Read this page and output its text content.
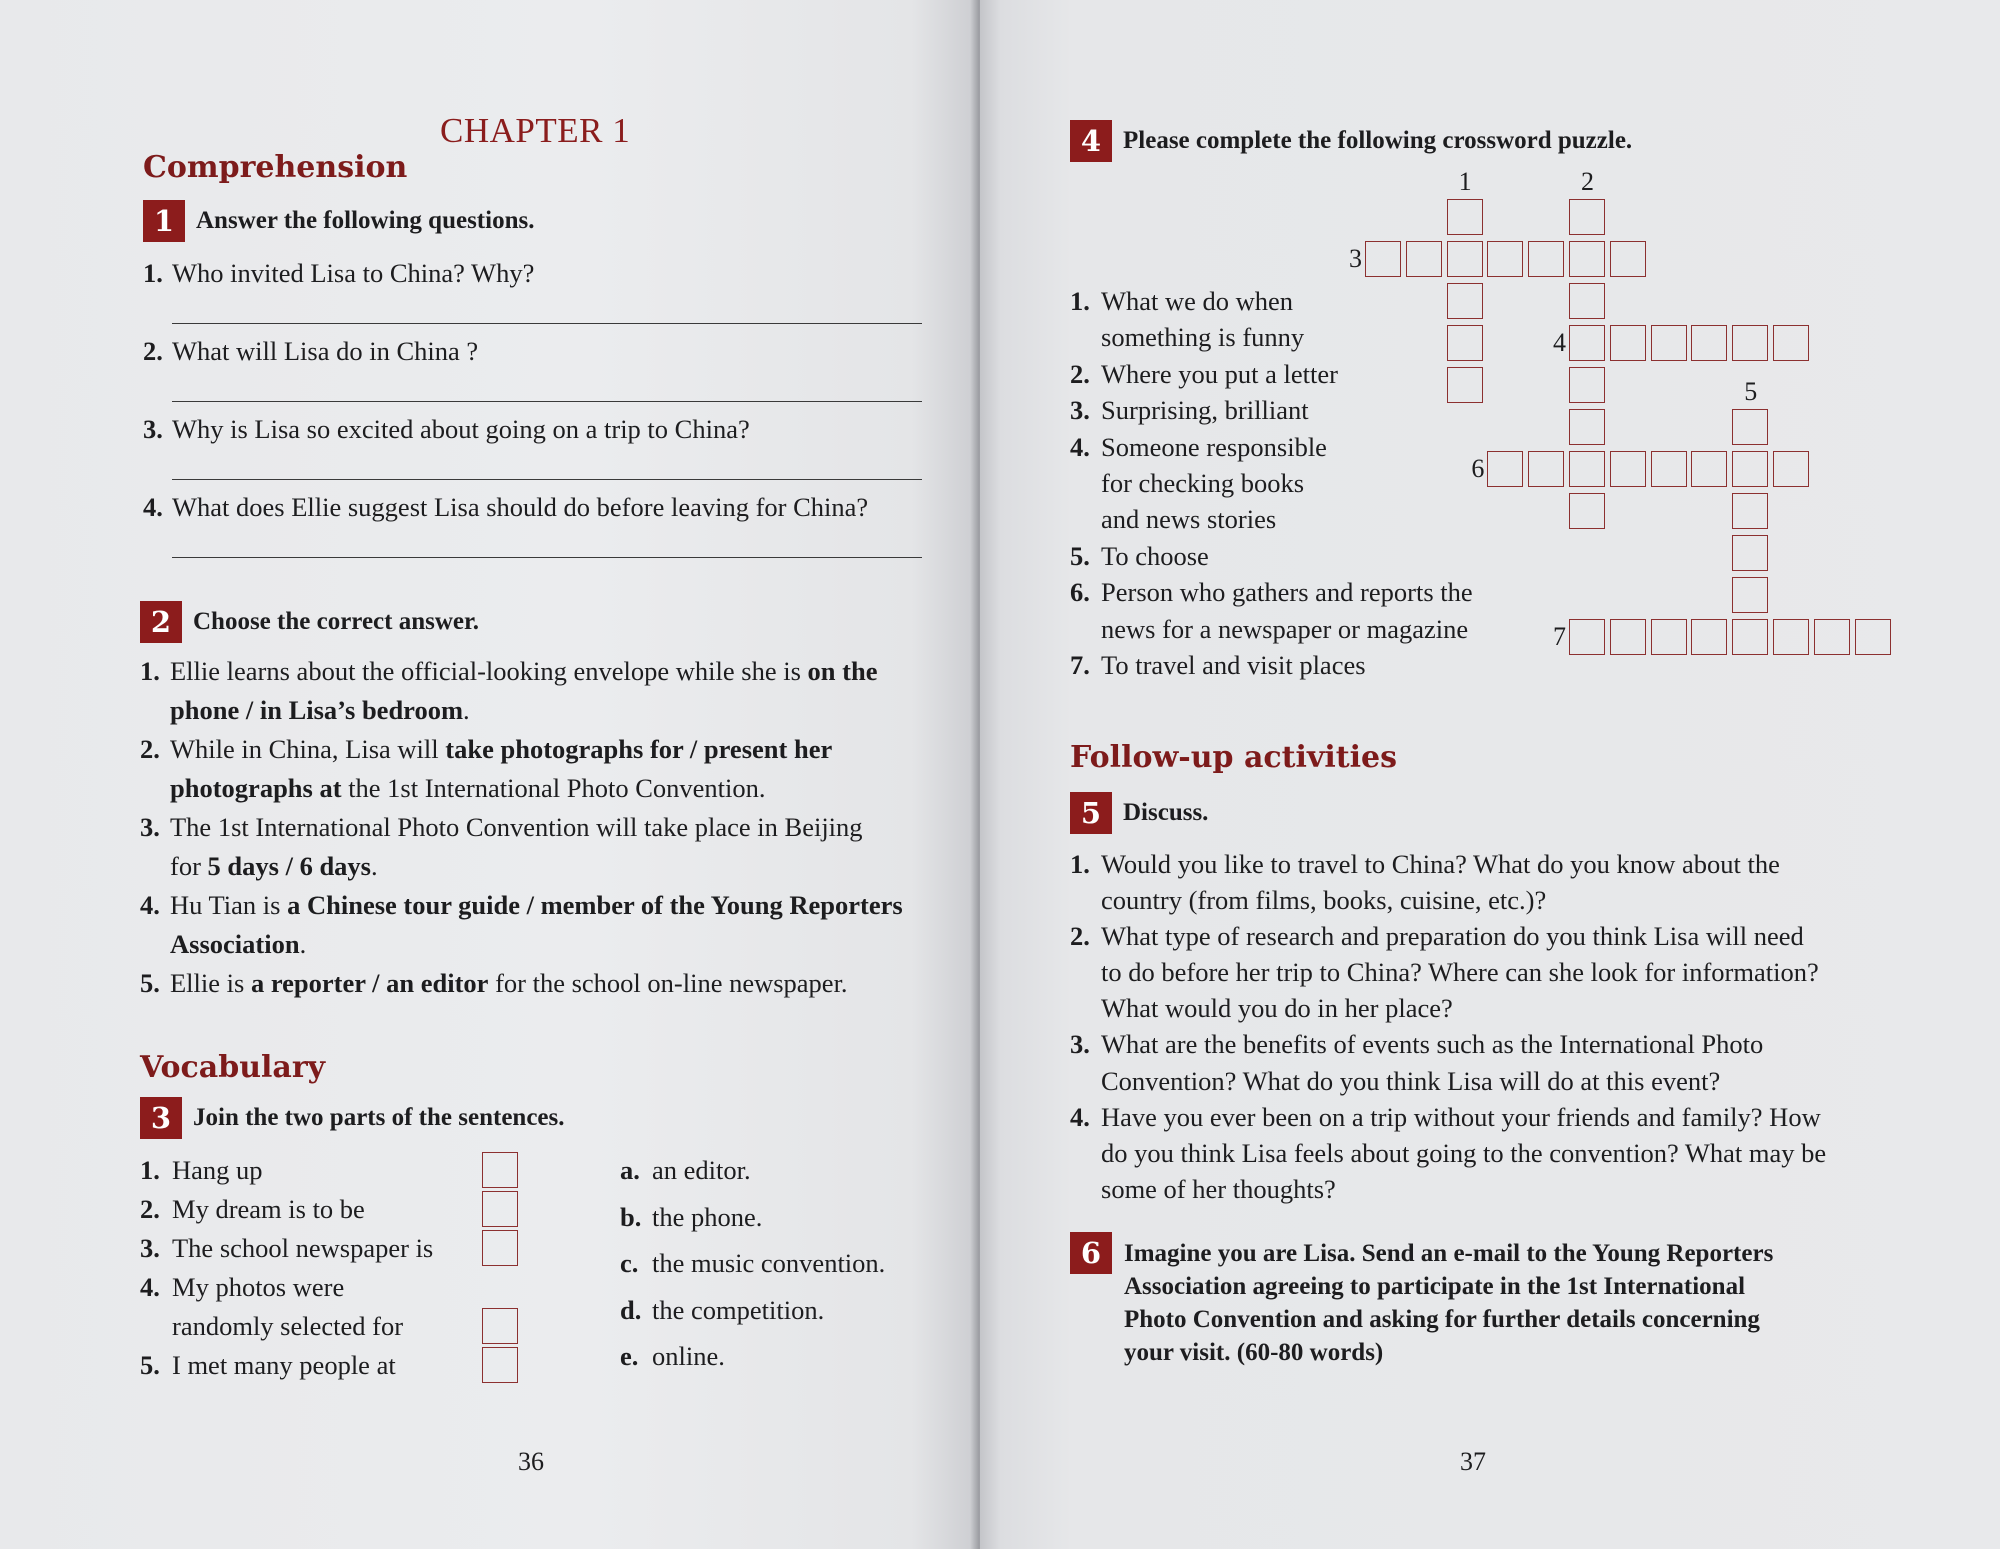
CHAPTER 1
Comprehension
1 Answer the following questions.
1. Who invited Lisa to China? Why?
2. What will Lisa do in China ?
3. Why is Lisa so excited about going on a trip to China?
4. What does Ellie suggest Lisa should do before leaving for China?
2 Choose the correct answer.
1. Ellie learns about the official-looking envelope while she is on the
phone / in Lisa’s bedroom.
2. While in China, Lisa will take photographs for / present her
photographs at the 1st International Photo Convention.
3. The 1st International Photo Convention will take place in Beijing
for 5 days / 6 days.
4. Hu Tian is a Chinese tour guide / member of the Young Reporters
Association.
5. Ellie is a reporter / an editor for the school on-line newspaper.
Vocabulary
3 Join the two parts of the sentences.
1. Hang up
2. My dream is to be
3. The school newspaper is
4. My photos were
randomly selected for
5. I met many people at
a. an editor.
b. the phone.
c. the music convention.
d. the competition.
e. online.
36
4 Please complete the following crossword puzzle.
1	2
3
4
5
6
7
1. What we do when
something is funny
2. Where you put a letter
3. Surprising, brilliant
4. Someone responsible
for checking books
and news stories
5. To choose
6. Person who gathers and reports the
news for a newspaper or magazine
7. To travel and visit places
Follow-up activities
5 Discuss.
1. Would you like to travel to China? What do you know about the
country (from films, books, cuisine, etc.)?
2. What type of research and preparation do you think Lisa will need
to do before her trip to China? Where can she look for information?
What would you do in her place?
3. What are the benefits of events such as the International Photo
Convention? What do you think Lisa will do at this event?
4. Have you ever been on a trip without your friends and family? How
do you think Lisa feels about going to the convention? What may be
some of her thoughts?
6 Imagine you are Lisa. Send an e-mail to the Young Reporters
Association agreeing to participate in the 1st International
Photo Convention and asking for further details concerning
your visit. (60-80 words)
37
